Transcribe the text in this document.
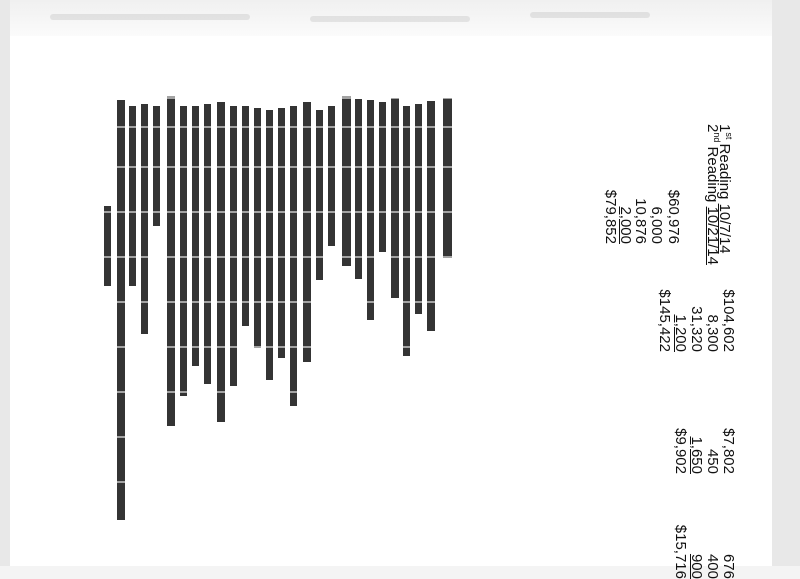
1st Reading 10/7/14
2nd Reading 10/21/14
$60,976
6,000
10,876
2,000
$79,852
$104,602
8,300
31,320
1,200
$145,422
$7,802
450
1,650
$9,902
676
400
900
$15,716
